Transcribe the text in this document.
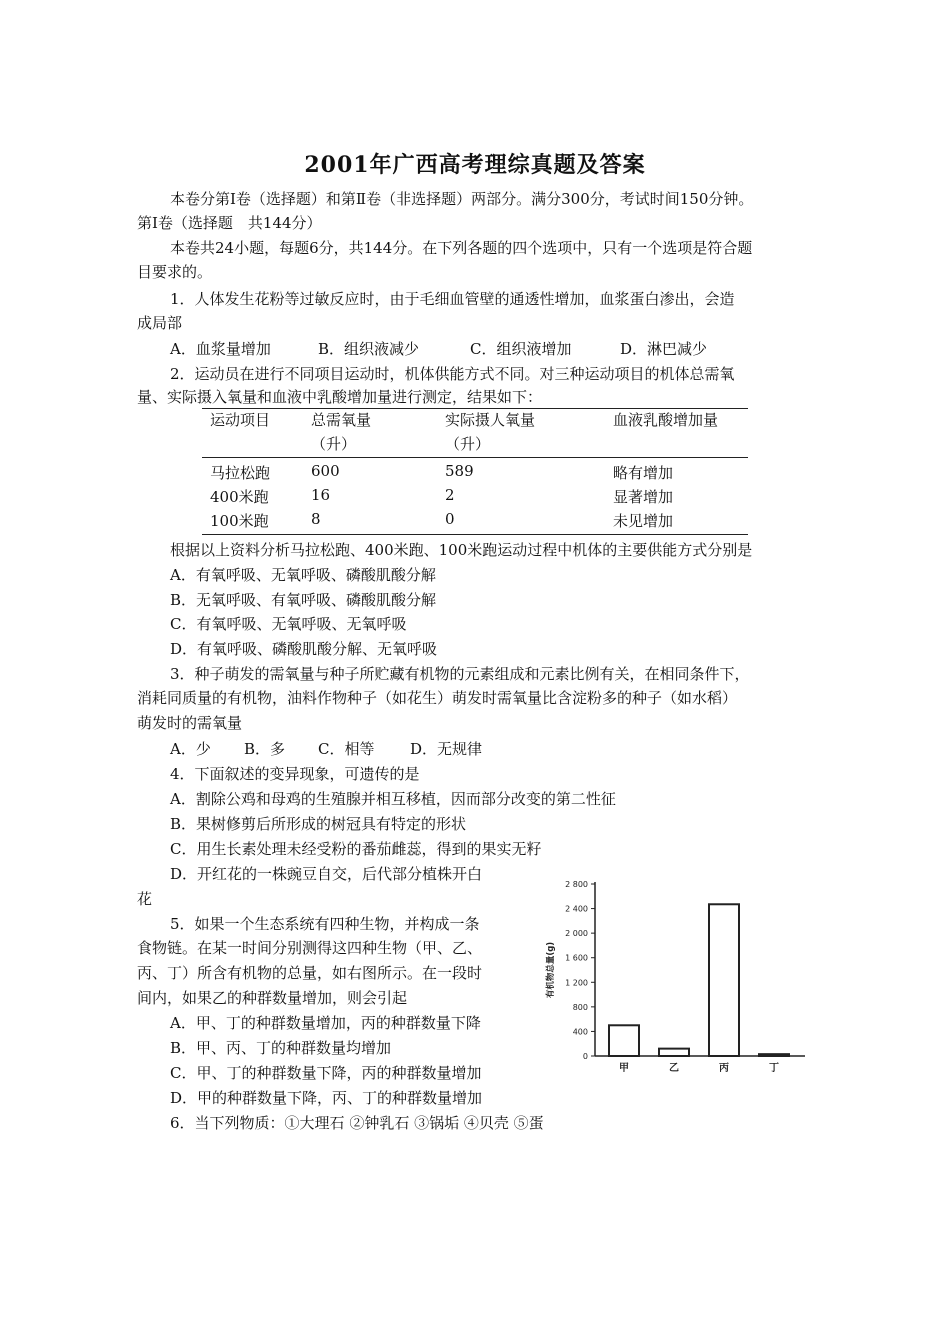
2001年广西高考理综真题及答案
本卷分第Ⅰ卷（选择题）和第Ⅱ卷（非选择题）两部分。满分300分，考试时间150分钟。
第Ⅰ卷（选择题　共144分）
本卷共24小题，每题6分，共144分。在下列各题的四个选项中，只有一个选项是符合题
目要求的。
1．人体发生花粉等过敏反应时，由于毛细血管壁的通透性增加，血浆蛋白渗出，会造
成局部
A．血浆量增加	B．组织液减少	C．组织液增加	D．淋巴减少
2．运动员在进行不同项目运动时，机体供能方式不同。对三种运动项目的机体总需氧
量、实际摄入氧量和血液中乳酸增加量进行测定，结果如下：
运动项目	总需氧量	实际摄人氧量	血液乳酸增加量
	（升）	（升）	
马拉松跑	600	589	略有增加
400米跑	16	2	显著增加
100米跑	8	0	未见增加
根据以上资料分析马拉松跑、400米跑、100米跑运动过程中机体的主要供能方式分别是
A．有氧呼吸、无氧呼吸、磷酸肌酸分解
B．无氧呼吸、有氧呼吸、磷酸肌酸分解
C．有氧呼吸、无氧呼吸、无氧呼吸
D．有氧呼吸、磷酸肌酸分解、无氧呼吸
3．种子萌发的需氧量与种子所贮藏有机物的元素组成和元素比例有关，在相同条件下，
消耗同质量的有机物，油料作物种子（如花生）萌发时需氧量比含淀粉多的种子（如水稻）
萌发时的需氧量
A．少 B．多 C．相等 D．无规律
4．下面叙述的变异现象，可遗传的是
A．割除公鸡和母鸡的生殖腺并相互移植，因而部分改变的第二性征
B．果树修剪后所形成的树冠具有特定的形状
C．用生长素处理未经受粉的番茄雌蕊，得到的果实无籽
D．开红花的一株豌豆自交，后代部分植株开白
花
5．如果一个生态系统有四种生物，并构成一条
食物链。在某一时间分别测得这四种生物（甲、乙、
丙、丁）所含有机物的总量，如右图所示。在一段时
间内，如果乙的种群数量增加，则会引起
A．甲、丁的种群数量增加，丙的种群数量下降
B．甲、丙、丁的种群数量均增加
C．甲、丁的种群数量下降，丙的种群数量增加
D．甲的种群数量下降，丙、丁的种群数量增加
6．当下列物质：①大理石 ②钟乳石 ③锅垢 ④贝壳 ⑤蛋
0
400
800
1 200
1 600
2 000
2 400
2 800
有机物总量(g)
甲	乙	丙	丁
